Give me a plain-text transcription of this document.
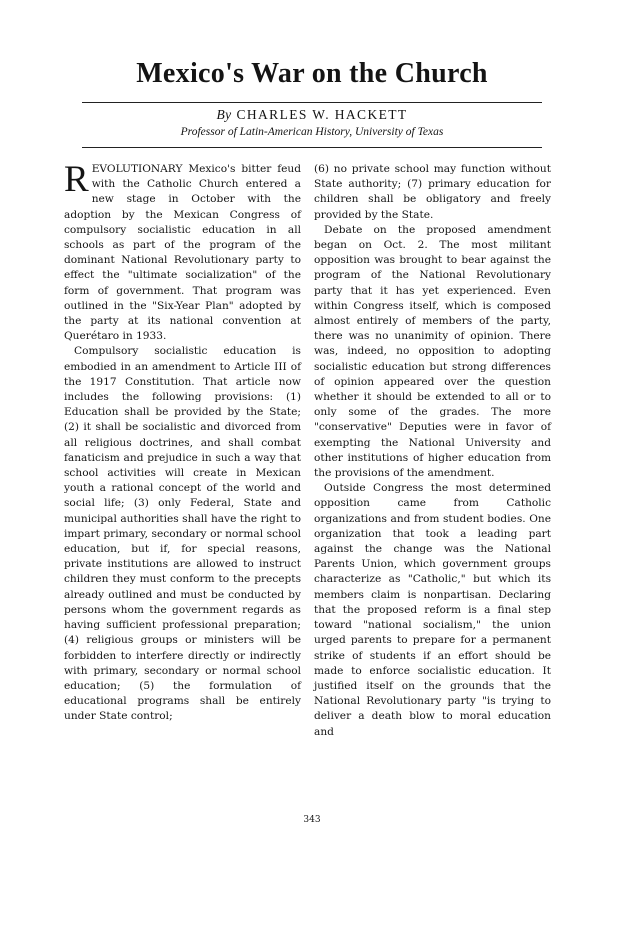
Mexico's War on the Church
By CHARLES W. HACKETT
Professor of Latin-American History, University of Texas

REVOLUTIONARY Mexico's bitter feud with the Catholic Church entered a new stage in October with the adoption by the Mexican Congress of compulsory socialistic education in all schools as part of the program of the dominant National Revolutionary party to effect the "ultimate socialization" of the form of government. That program was outlined in the "Six-Year Plan" adopted by the party at its national convention at Querétaro in 1933.

Compulsory socialistic education is embodied in an amendment to Article III of the 1917 Constitution. That article now includes the following provisions: (1) Education shall be provided by the State; (2) it shall be socialistic and divorced from all religious doctrines, and shall combat fanaticism and prejudice in such a way that school activities will create in Mexican youth a rational concept of the world and social life; (3) only Federal, State and municipal authorities shall have the right to impart primary, secondary or normal school education, but if, for special reasons, private institutions are allowed to instruct children they must conform to the precepts already outlined and must be conducted by persons whom the government regards as having sufficient professional preparation; (4) religious groups or ministers will be forbidden to interfere directly or indirectly with primary, secondary or normal school education; (5) the formulation of educational programs shall be entirely under State control;

(6) no private school may function without State authority; (7) primary education for children shall be obligatory and freely provided by the State.

Debate on the proposed amendment began on Oct. 2. The most militant opposition was brought to bear against the program of the National Revolutionary party that it has yet experienced. Even within Congress itself, which is composed almost entirely of members of the party, there was no unanimity of opinion. There was, indeed, no opposition to adopting socialistic education but strong differences of opinion appeared over the question whether it should be extended to all or to only some of the grades. The more "conservative" Deputies were in favor of exempting the National University and other institutions of higher education from the provisions of the amendment.

Outside Congress the most determined opposition came from Catholic organizations and from student bodies. One organization that took a leading part against the change was the National Parents Union, which government groups characterize as "Catholic," but which its members claim is nonpartisan. Declaring that the proposed reform is a final step toward "national socialism," the union urged parents to prepare for a permanent strike of students if an effort should be made to enforce socialistic education. It justified itself on the grounds that the National Revolutionary party "is trying to deliver a death blow to moral education and

343
